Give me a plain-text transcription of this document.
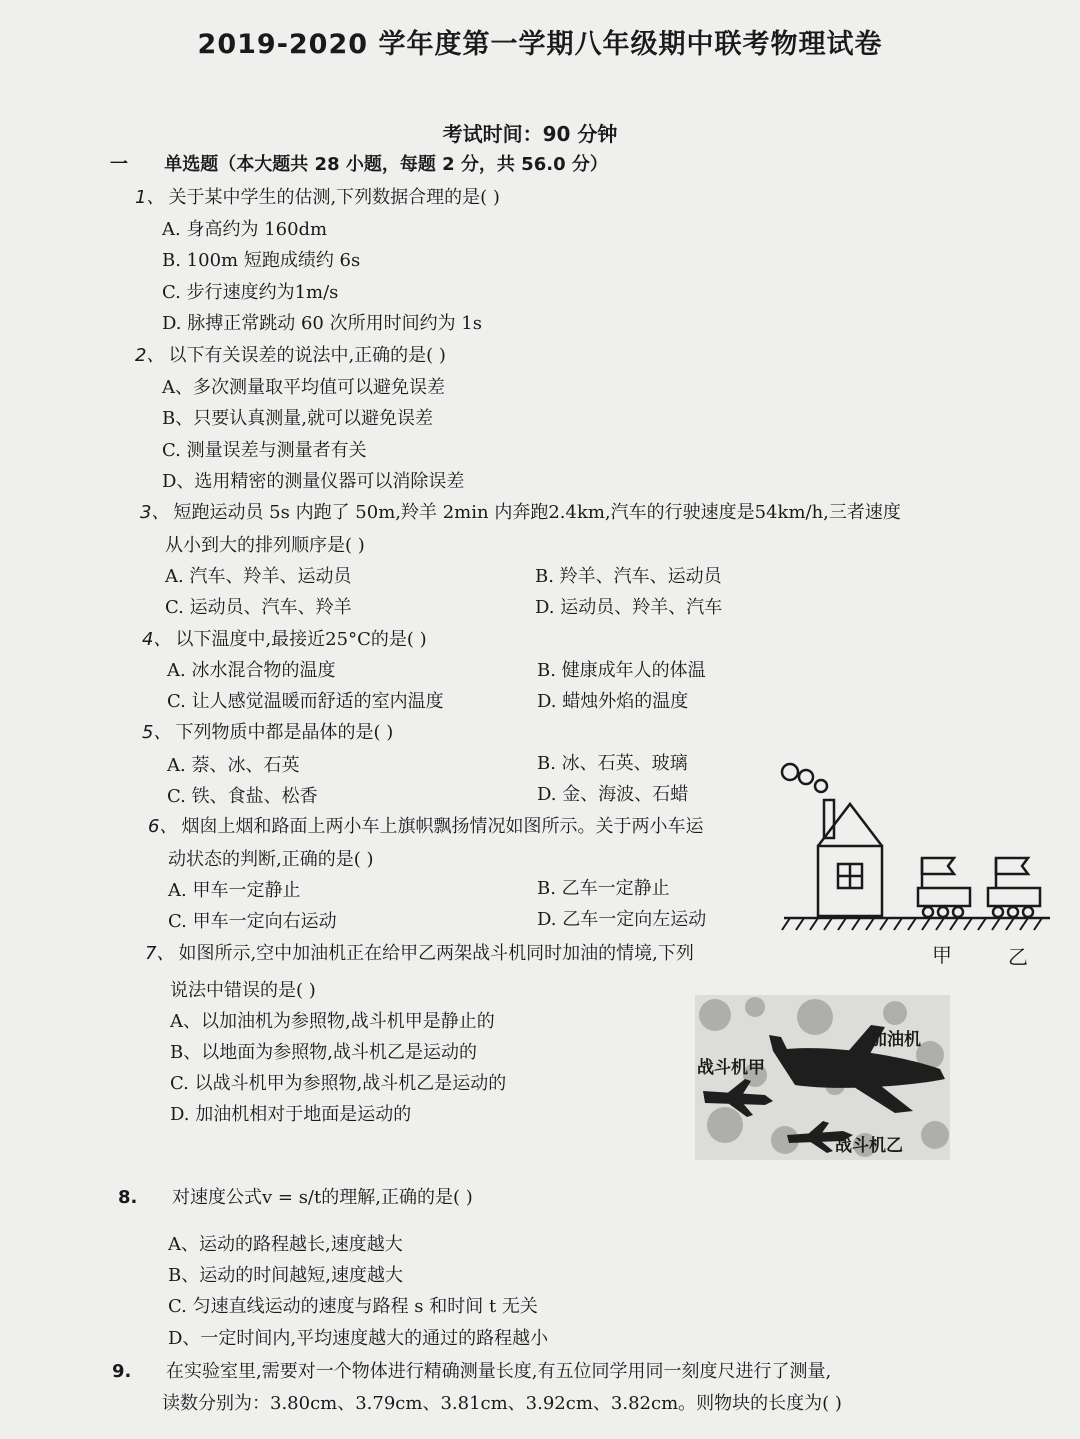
2019-2020 学年度第一学期八年级期中联考物理试卷
考试时间：90 分钟
一 单选题（本大题共 28 小题，每题 2 分，共 56.0 分）
1、 关于某中学生的估测,下列数据合理的是( )
A. 身高约为 160dm
B. 100m 短跑成绩约 6s
C. 步行速度约为1m/s
D. 脉搏正常跳动 60 次所用时间约为 1s
2、 以下有关误差的说法中,正确的是( )
A、多次测量取平均值可以避免误差
B、只要认真测量,就可以避免误差
C. 测量误差与测量者有关
D、选用精密的测量仪器可以消除误差
3、 短跑运动员 5s 内跑了 50m,羚羊 2min 内奔跑2.4km,汽车的行驶速度是54km/h,三者速度
从小到大的排列顺序是( )
A. 汽车、羚羊、运动员	B. 羚羊、汽车、运动员
C. 运动员、汽车、羚羊	D. 运动员、羚羊、汽车
4、 以下温度中,最接近25°C的是( )
A. 冰水混合物的温度	B. 健康成年人的体温
C. 让人感觉温暖而舒适的室内温度	D. 蜡烛外焰的温度
5、 下列物质中都是晶体的是( )
A. 萘、冰、石英	B. 冰、石英、玻璃
C. 铁、食盐、松香	D. 金、海波、石蜡
6、 烟囱上烟和路面上两小车上旗帜飘扬情况如图所示。关于两小车运
动状态的判断,正确的是( )
A. 甲车一定静止	B. 乙车一定静止
C. 甲车一定向右运动	D. 乙车一定向左运动
7、 如图所示,空中加油机正在给甲乙两架战斗机同时加油的情境,下列
说法中错误的是( )
A、以加油机为参照物,战斗机甲是静止的
B、以地面为参照物,战斗机乙是运动的
C. 以战斗机甲为参照物,战斗机乙是运动的
D. 加油机相对于地面是运动的
8. 对速度公式v = s/t的理解,正确的是( )
A、运动的路程越长,速度越大
B、运动的时间越短,速度越大
C. 匀速直线运动的速度与路程 s 和时间 t 无关
D、一定时间内,平均速度越大的通过的路程越小
9. 在实验室里,需要对一个物体进行精确测量长度,有五位同学用同一刻度尺进行了测量,
读数分别为：3.80cm、3.79cm、3.81cm、3.92cm、3.82cm。则物块的长度为( )
甲	乙
加油机
战斗机甲
战斗机乙
